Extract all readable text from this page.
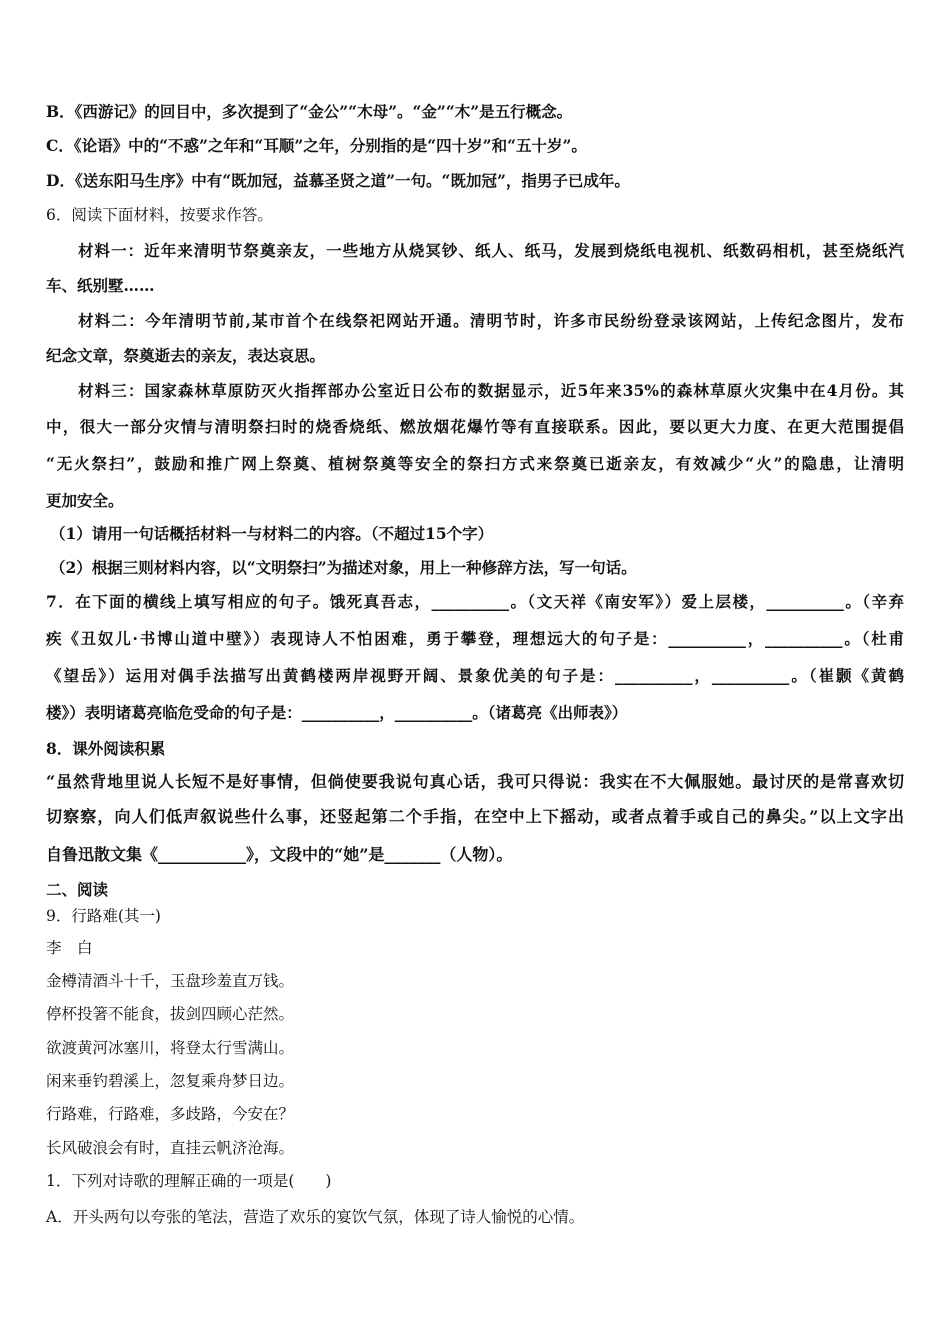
B．《西游记》的回目中，多次提到了“金公”“木母”。“金”“木”是五行概念。
C．《论语》中的“不惑”之年和“耳顺”之年，分别指的是“四十岁”和“五十岁”。
D．《送东阳马生序》中有“既加冠，益慕圣贤之道”一句。“既加冠”，指男子已成年。
6．阅读下面材料，按要求作答。
材料一：近年来清明节祭奠亲友，一些地方从烧冥钞、纸人、纸马，发展到烧纸电视机、纸数码相机，甚至烧纸汽
车、纸别墅……
材料二：今年清明节前,某市首个在线祭祀网站开通。清明节时，许多市民纷纷登录该网站，上传纪念图片，发布
纪念文章，祭奠逝去的亲友，表达哀思。
材料三：国家森林草原防灭火指挥部办公室近日公布的数据显示，近5年来35%的森林草原火灾集中在4月份。其
中，很大一部分灾情与清明祭扫时的烧香烧纸、燃放烟花爆竹等有直接联系。因此，要以更大力度、在更大范围提倡
“无火祭扫”，鼓励和推广网上祭奠、植树祭奠等安全的祭扫方式来祭奠已逝亲友，有效减少“火”的隐患，让清明
更加安全。
（1）请用一句话概括材料一与材料二的内容。（不超过15个字）
（2）根据三则材料内容，以“文明祭扫”为描述对象，用上一种修辞方法，写一句话。
7．在下面的横线上填写相应的句子。饿死真吾志，__________。（文天祥《南安军》）爱上层楼，__________。（辛弃
疾《丑奴儿·书博山道中壁》）表现诗人不怕困难，勇于攀登，理想远大的句子是：__________，__________。（杜甫
《望岳》）运用对偶手法描写出黄鹤楼两岸视野开阔、景象优美的句子是：__________，__________。（崔颢《黄鹤
楼》）表明诸葛亮临危受命的句子是：__________，__________。（诸葛亮《出师表》）
8．课外阅读积累
“虽然背地里说人长短不是好事情，但倘使要我说句真心话，我可只得说：我实在不大佩服她。最讨厌的是常喜欢切
切察察，向人们低声叙说些什么事，还竖起第二个手指，在空中上下摇动，或者点着手或自己的鼻尖。”以上文字出
自鲁迅散文集《___________》，文段中的“她”是_______（人物）。
二、阅读
9．行路难(其一)
李　白
金樽清酒斗十千，玉盘珍羞直万钱。
停杯投箸不能食，拔剑四顾心茫然。
欲渡黄河冰塞川，将登太行雪满山。
闲来垂钓碧溪上，忽复乘舟梦日边。
行路难，行路难，多歧路，今安在？
长风破浪会有时，直挂云帆济沧海。
1．下列对诗歌的理解正确的一项是(　　)
A．开头两句以夸张的笔法，营造了欢乐的宴饮气氛，体现了诗人愉悦的心情。
